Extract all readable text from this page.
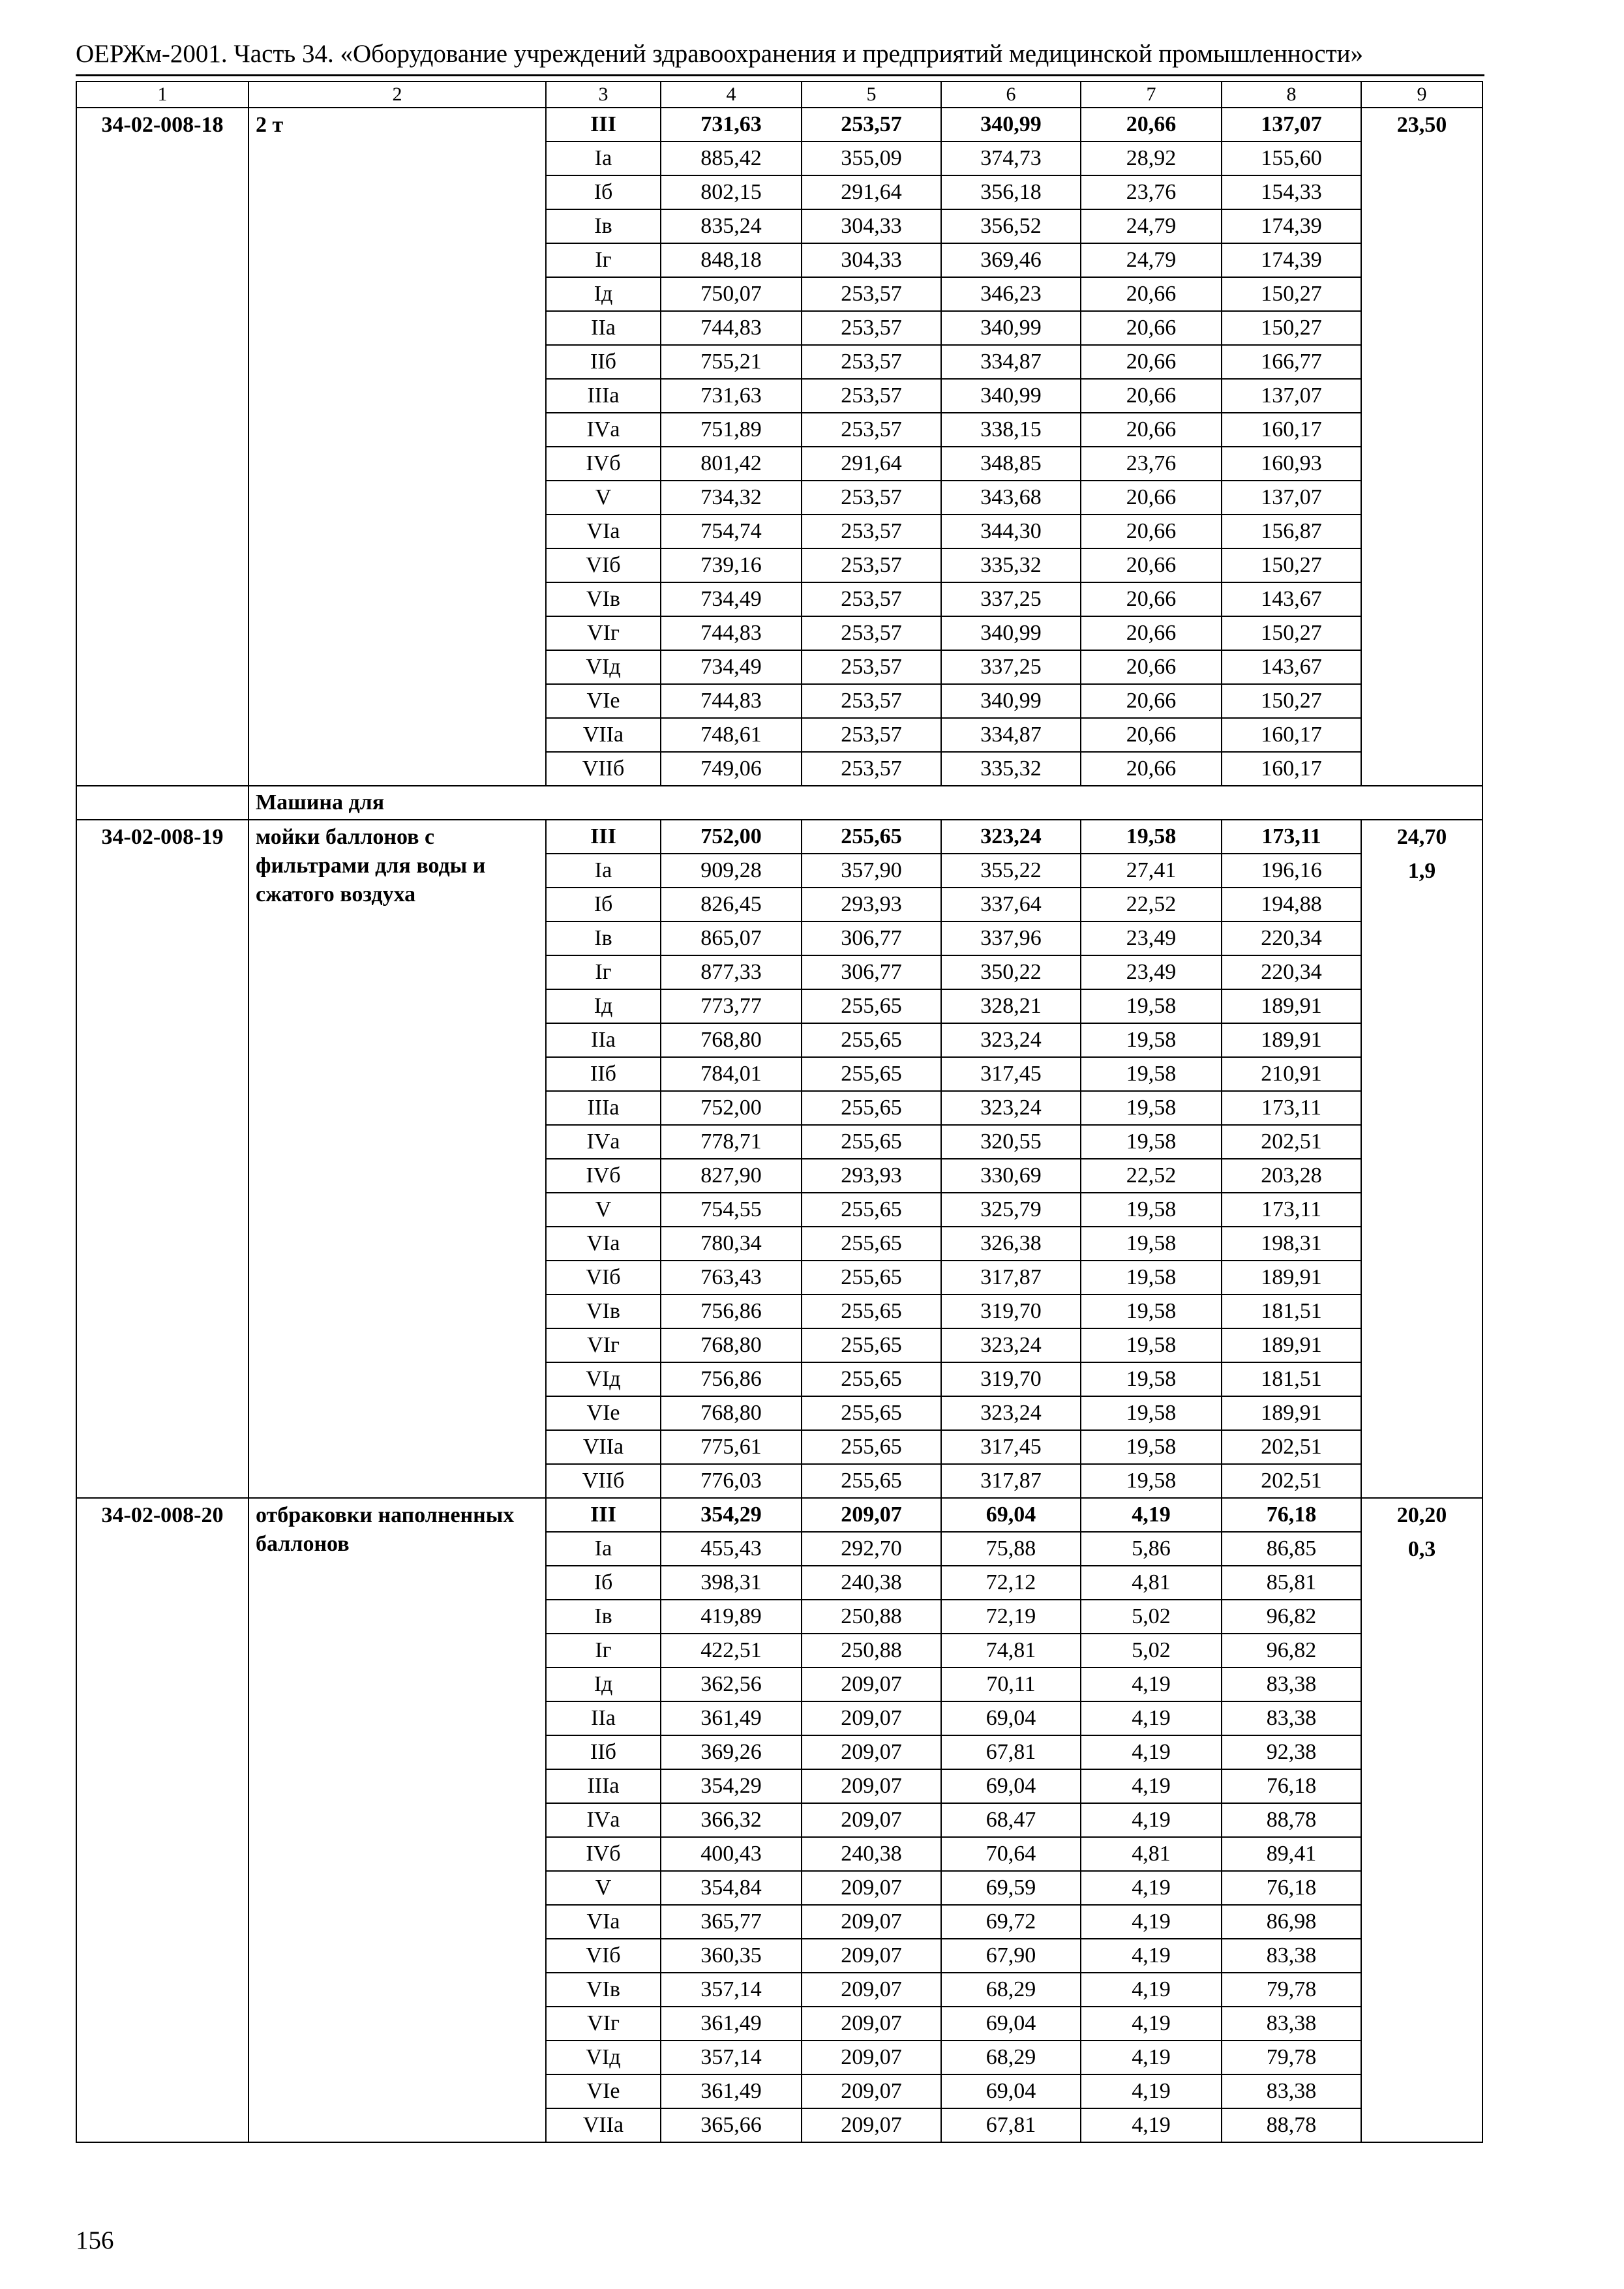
ОЕРЖм-2001. Часть 34. «Оборудование учреждений здравоохранения и предприятий медицинской промышленности»
1	2	3	4	5	6	7	8	9
34-02-008-18	2 т	III	731,63	253,57	340,99	20,66	137,07	23,50

		Iа	885,42	355,09	374,73	28,92	155,60	
		Iб	802,15	291,64	356,18	23,76	154,33	
		Iв	835,24	304,33	356,52	24,79	174,39	
		Iг	848,18	304,33	369,46	24,79	174,39	
		Iд	750,07	253,57	346,23	20,66	150,27	
		IIа	744,83	253,57	340,99	20,66	150,27	
		IIб	755,21	253,57	334,87	20,66	166,77	
		IIIа	731,63	253,57	340,99	20,66	137,07	
		IVа	751,89	253,57	338,15	20,66	160,17	
		IVб	801,42	291,64	348,85	23,76	160,93	
		V	734,32	253,57	343,68	20,66	137,07	
		VIа	754,74	253,57	344,30	20,66	156,87	
		VIб	739,16	253,57	335,32	20,66	150,27	
		VIв	734,49	253,57	337,25	20,66	143,67	
		VIг	744,83	253,57	340,99	20,66	150,27	
		VIд	734,49	253,57	337,25	20,66	143,67	
		VIе	744,83	253,57	340,99	20,66	150,27	
		VIIа	748,61	253,57	334,87	20,66	160,17	
		VIIб	749,06	253,57	335,32	20,66	160,17	
	Машина для							
34-02-008-19	мойки баллонов с фильтрами для воды и сжатого воздуха	III	752,00	255,65	323,24	19,58	173,11	24,70
1,9

		Iа	909,28	357,90	355,22	27,41	196,16	
		Iб	826,45	293,93	337,64	22,52	194,88	
		Iв	865,07	306,77	337,96	23,49	220,34	
		Iг	877,33	306,77	350,22	23,49	220,34	
		Iд	773,77	255,65	328,21	19,58	189,91	
		IIа	768,80	255,65	323,24	19,58	189,91	
		IIб	784,01	255,65	317,45	19,58	210,91	
		IIIа	752,00	255,65	323,24	19,58	173,11	
		IVа	778,71	255,65	320,55	19,58	202,51	
		IVб	827,90	293,93	330,69	22,52	203,28	
		V	754,55	255,65	325,79	19,58	173,11	
		VIа	780,34	255,65	326,38	19,58	198,31	
		VIб	763,43	255,65	317,87	19,58	189,91	
		VIв	756,86	255,65	319,70	19,58	181,51	
		VIг	768,80	255,65	323,24	19,58	189,91	
		VIд	756,86	255,65	319,70	19,58	181,51	
		VIе	768,80	255,65	323,24	19,58	189,91	
		VIIа	775,61	255,65	317,45	19,58	202,51	
		VIIб	776,03	255,65	317,87	19,58	202,51	
34-02-008-20	отбраковки наполненных баллонов	III	354,29	209,07	69,04	4,19	76,18	20,20
0,3

		Iа	455,43	292,70	75,88	5,86	86,85	
		Iб	398,31	240,38	72,12	4,81	85,81	
		Iв	419,89	250,88	72,19	5,02	96,82	
		Iг	422,51	250,88	74,81	5,02	96,82	
		Iд	362,56	209,07	70,11	4,19	83,38	
		IIа	361,49	209,07	69,04	4,19	83,38	
		IIб	369,26	209,07	67,81	4,19	92,38	
		IIIа	354,29	209,07	69,04	4,19	76,18	
		IVа	366,32	209,07	68,47	4,19	88,78	
		IVб	400,43	240,38	70,64	4,81	89,41	
		V	354,84	209,07	69,59	4,19	76,18	
		VIа	365,77	209,07	69,72	4,19	86,98	
		VIб	360,35	209,07	67,90	4,19	83,38	
		VIв	357,14	209,07	68,29	4,19	79,78	
		VIг	361,49	209,07	69,04	4,19	83,38	
		VIд	357,14	209,07	68,29	4,19	79,78	
		VIе	361,49	209,07	69,04	4,19	83,38	
		VIIа	365,66	209,07	67,81	4,19	88,78	
156
